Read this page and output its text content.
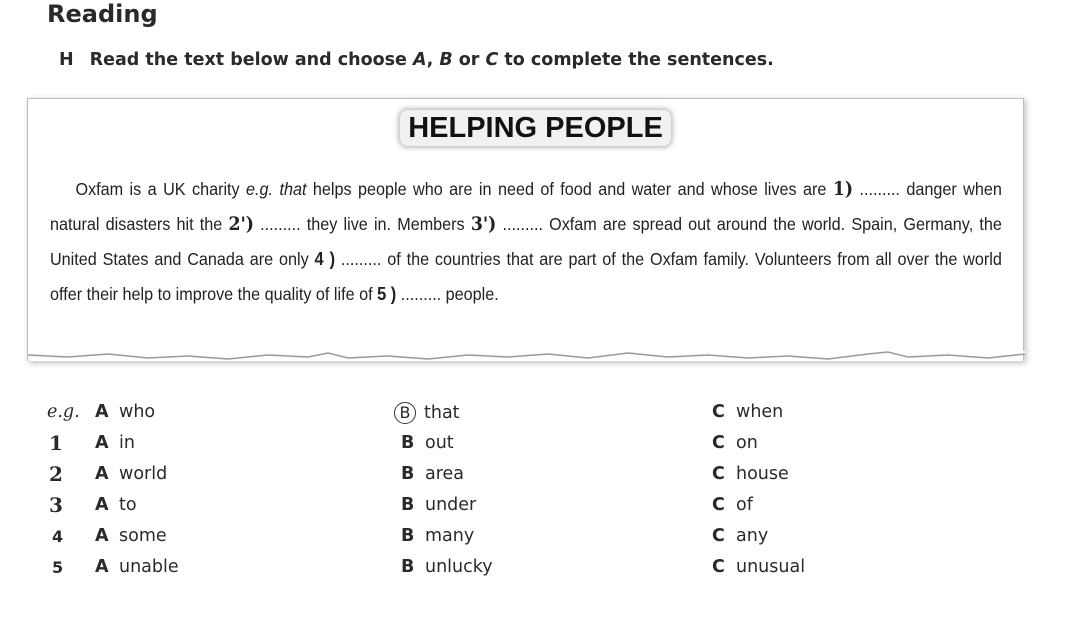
Reading
H Read the text below and choose A, B or C to complete the sentences.
HELPING PEOPLE
Oxfam is a UK charity e.g. that helps people who are in need of food and water and whose lives are 1) ......... danger when natural disasters hit the 2') ......... they live in. Members 3') ......... Oxfam are spread out around the world. Spain, Germany, the United States and Canada are only 4 ) ......... of the countries that are part of the Oxfam family. Volunteers from all over the world offer their help to improve the quality of life of 5 ) ......... people.
e.g. A who	B that	C when
1 A in	B out	C on
2 A world	B area	C house
3 A to	B under	C of
4 A some	B many	C any
5 A unable	B unlucky	C unusual
